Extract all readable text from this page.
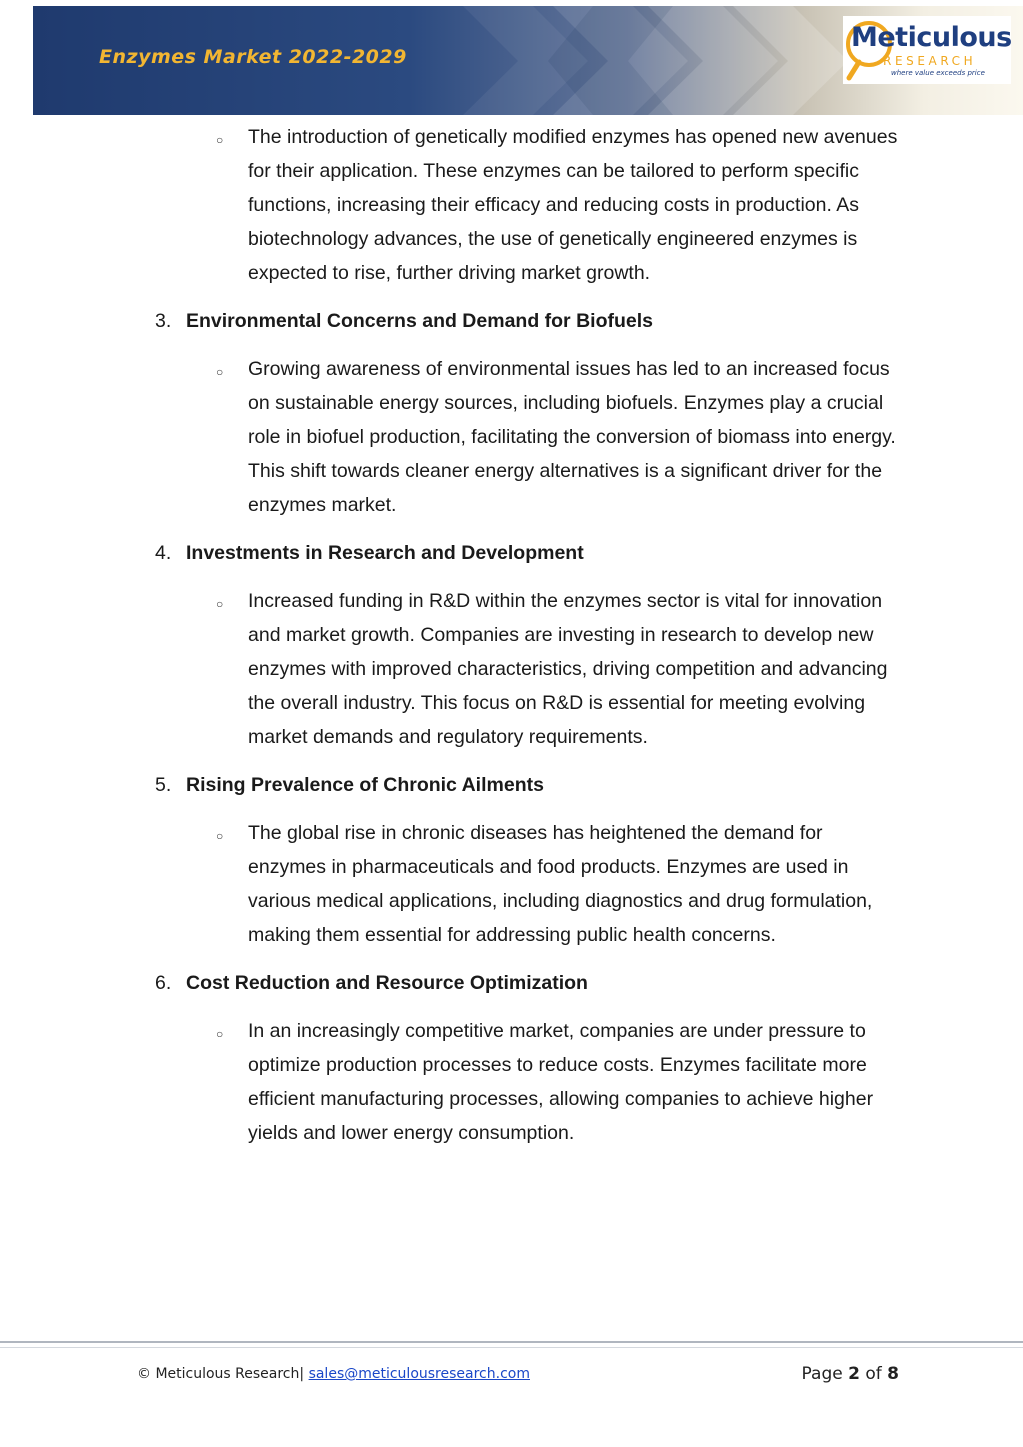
Enzymes Market 2022-2029
Meticulous
RESEARCH
where value exceeds price
○ The introduction of genetically modified enzymes has opened new avenues for their application. These enzymes can be tailored to perform specific functions, increasing their efficacy and reducing costs in production. As biotechnology advances, the use of genetically engineered enzymes is expected to rise, further driving market growth.
3. Environmental Concerns and Demand for Biofuels
○ Growing awareness of environmental issues has led to an increased focus on sustainable energy sources, including biofuels. Enzymes play a crucial role in biofuel production, facilitating the conversion of biomass into energy. This shift towards cleaner energy alternatives is a significant driver for the enzymes market.
4. Investments in Research and Development
○ Increased funding in R&D within the enzymes sector is vital for innovation and market growth. Companies are investing in research to develop new enzymes with improved characteristics, driving competition and advancing the overall industry. This focus on R&D is essential for meeting evolving market demands and regulatory requirements.
5. Rising Prevalence of Chronic Ailments
○ The global rise in chronic diseases has heightened the demand for enzymes in pharmaceuticals and food products. Enzymes are used in various medical applications, including diagnostics and drug formulation, making them essential for addressing public health concerns.
6. Cost Reduction and Resource Optimization
○ In an increasingly competitive market, companies are under pressure to optimize production processes to reduce costs. Enzymes facilitate more efficient manufacturing processes, allowing companies to achieve higher yields and lower energy consumption.
© Meticulous Research| sales@meticulousresearch.com	Page 2 of 8
